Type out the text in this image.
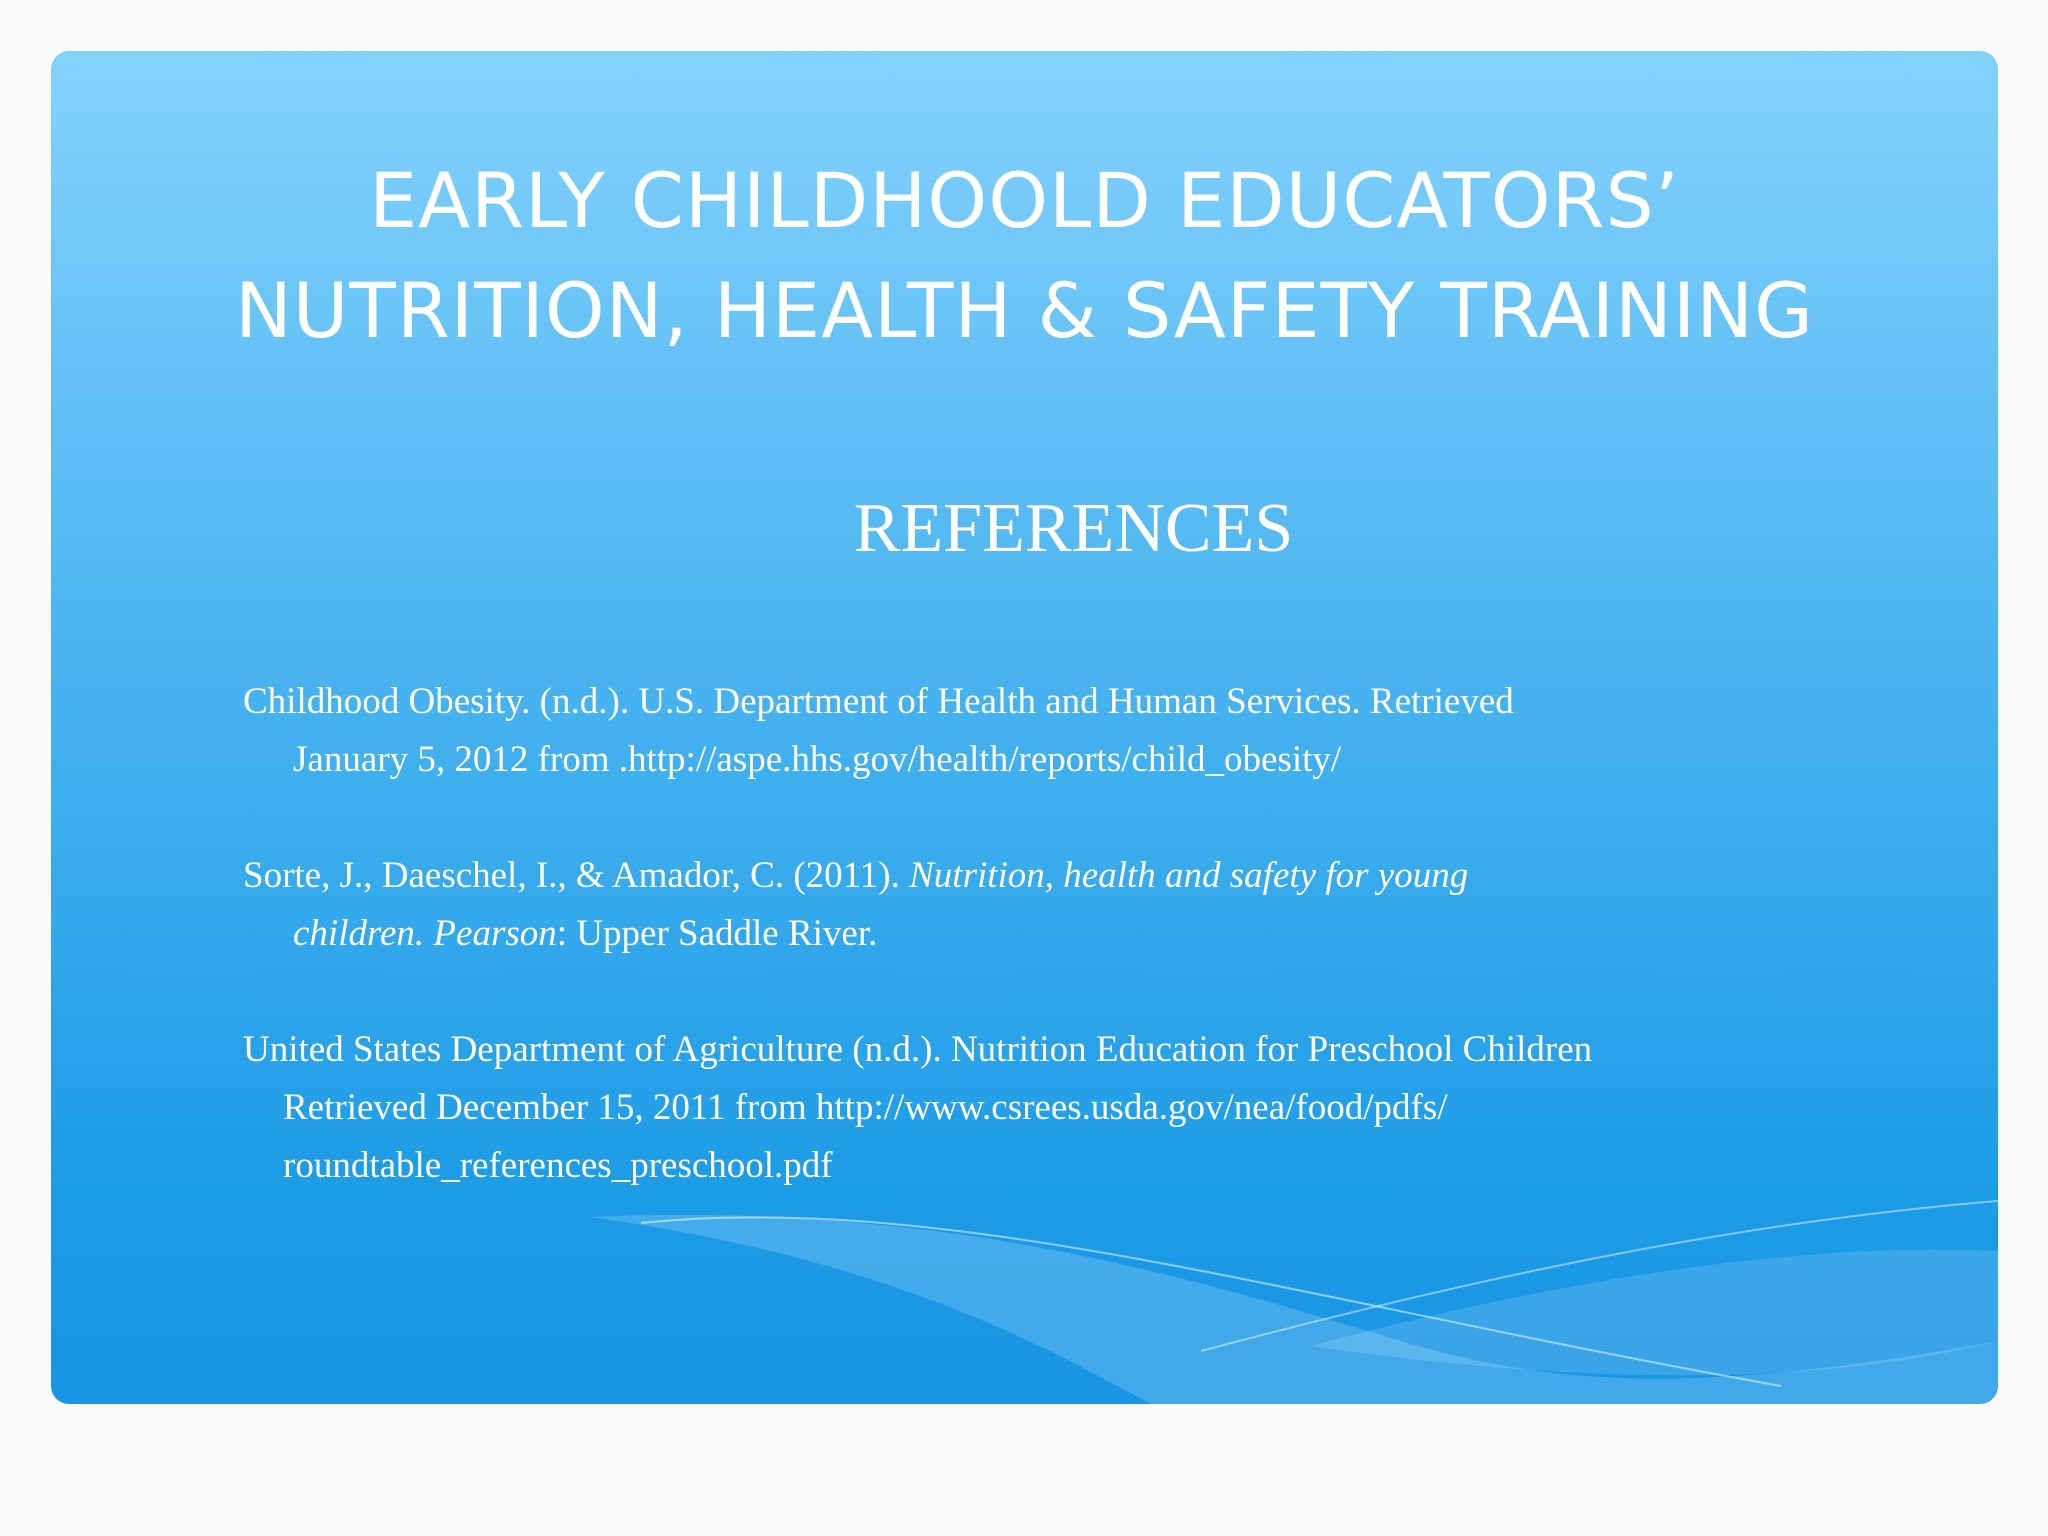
EARLY CHILDHOOLD EDUCATORS’
NUTRITION, HEALTH & SAFETY TRAINING
REFERENCES
Childhood Obesity. (n.d.). U.S. Department of Health and Human Services. Retrieved
January 5, 2012 from .http://aspe.hhs.gov/health/reports/child_obesity/
Sorte, J., Daeschel, I., & Amador, C. (2011). Nutrition, health and safety for young
children. Pearson: Upper Saddle River.
United States Department of Agriculture (n.d.). Nutrition Education for Preschool Children
Retrieved December 15, 2011 from http://www.csrees.usda.gov/nea/food/pdfs/
roundtable_references_preschool.pdf
